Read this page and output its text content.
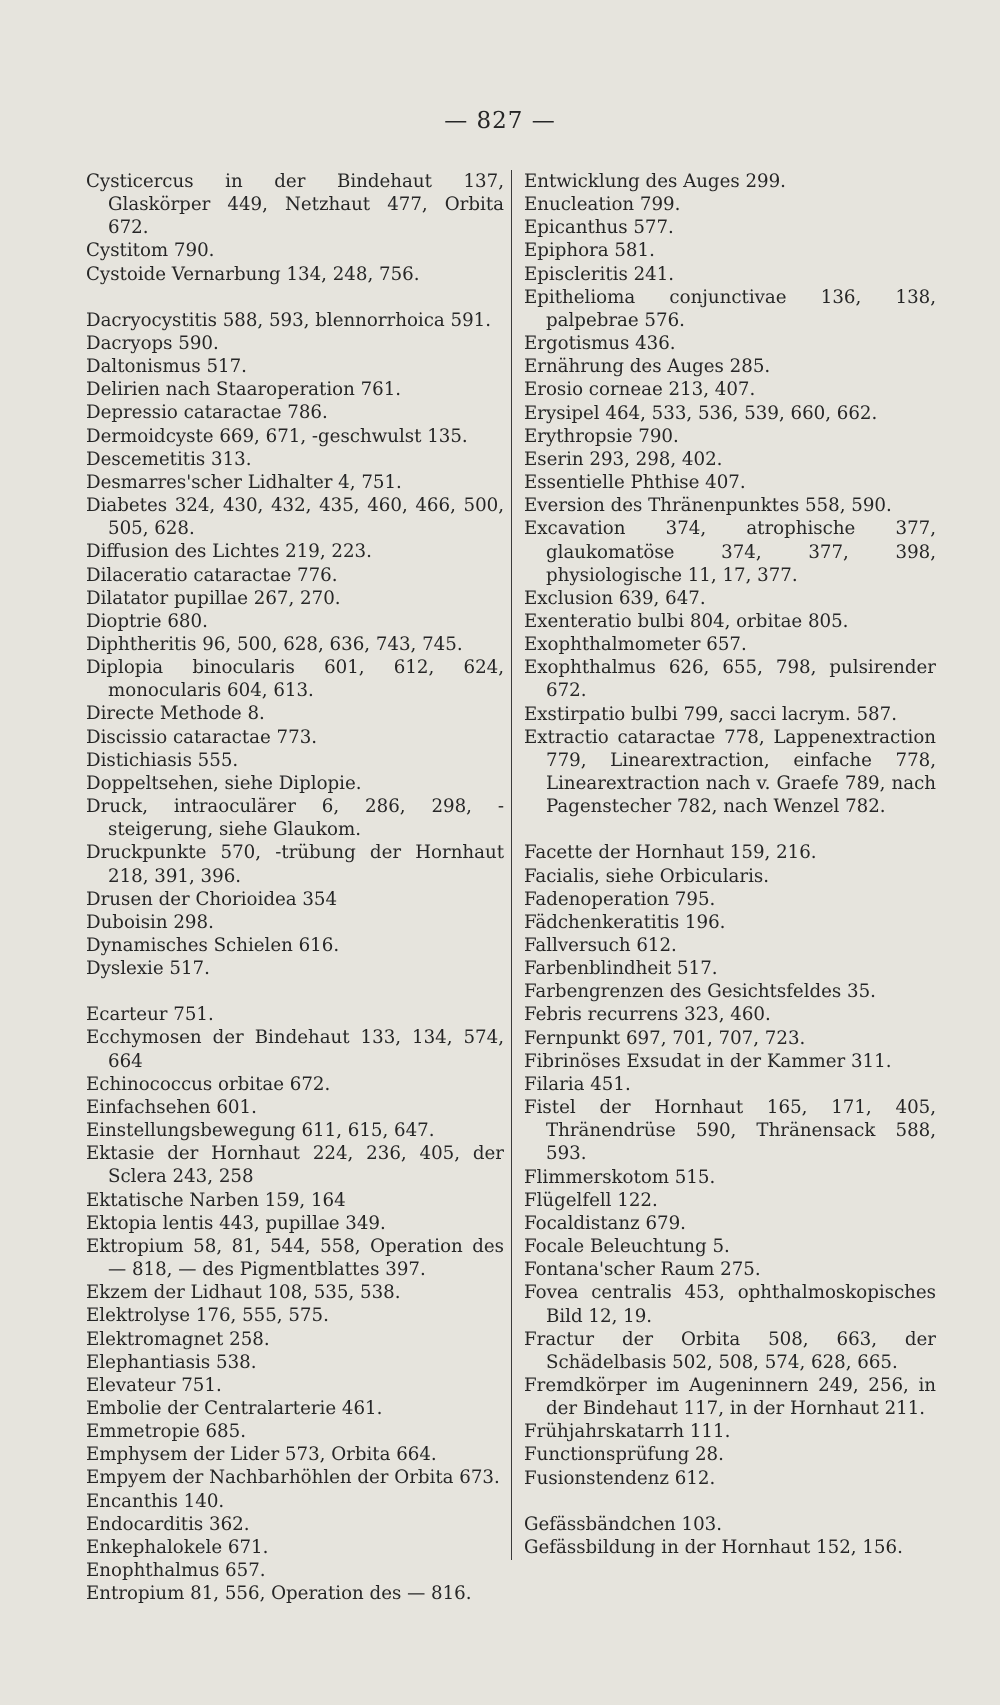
— 827 —
Cysticercus in der Bindehaut 137, Glaskörper 449, Netzhaut 477, Orbita 672.
Cystitom 790.
Cystoide Vernarbung 134, 248, 756.
Dacryocystitis 588, 593, blennorrhoica 591.
Dacryops 590.
Daltonismus 517.
Delirien nach Staaroperation 761.
Depressio cataractae 786.
Dermoidcyste 669, 671, -geschwulst 135.
Descemetitis 313.
Desmarres'scher Lidhalter 4, 751.
Diabetes 324, 430, 432, 435, 460, 466, 500, 505, 628.
Diffusion des Lichtes 219, 223.
Dilaceratio cataractae 776.
Dilatator pupillae 267, 270.
Dioptrie 680.
Diphtheritis 96, 500, 628, 636, 743, 745.
Diplopia binocularis 601, 612, 624, monocularis 604, 613.
Directe Methode 8.
Discissio cataractae 773.
Distichiasis 555.
Doppeltsehen, siehe Diplopie.
Druck, intraoculärer 6, 286, 298, -steigerung, siehe Glaukom.
Druckpunkte 570, -trübung der Hornhaut 218, 391, 396.
Drusen der Chorioidea 354
Duboisin 298.
Dynamisches Schielen 616.
Dyslexie 517.
Ecarteur 751.
Ecchymosen der Bindehaut 133, 134, 574, 664
Echinococcus orbitae 672.
Einfachsehen 601.
Einstellungsbewegung 611, 615, 647.
Ektasie der Hornhaut 224, 236, 405, der Sclera 243, 258
Ektatische Narben 159, 164
Ektopia lentis 443, pupillae 349.
Ektropium 58, 81, 544, 558, Operation des — 818, — des Pigmentblattes 397.
Ekzem der Lidhaut 108, 535, 538.
Elektrolyse 176, 555, 575.
Elektromagnet 258.
Elephantiasis 538.
Elevateur 751.
Embolie der Centralarterie 461.
Emmetropie 685.
Emphysem der Lider 573, Orbita 664.
Empyem der Nachbarhöhlen der Orbita 673.
Encanthis 140.
Endocarditis 362.
Enkephalokele 671.
Enophthalmus 657.
Entropium 81, 556, Operation des — 816.
Entwicklung des Auges 299.
Enucleation 799.
Epicanthus 577.
Epiphora 581.
Episcleritis 241.
Epithelioma conjunctivae 136, 138, palpebrae 576.
Ergotismus 436.
Ernährung des Auges 285.
Erosio corneae 213, 407.
Erysipel 464, 533, 536, 539, 660, 662.
Erythropsie 790.
Eserin 293, 298, 402.
Essentielle Phthise 407.
Eversion des Thränenpunktes 558, 590.
Excavation 374, atrophische 377, glaukomatöse 374, 377, 398, physiologische 11, 17, 377.
Exclusion 639, 647.
Exenteratio bulbi 804, orbitae 805.
Exophthalmometer 657.
Exophthalmus 626, 655, 798, pulsirender 672.
Exstirpatio bulbi 799, sacci lacrym. 587.
Extractio cataractae 778, Lappenextraction 779, Linearextraction, einfache 778, Linearextraction nach v. Graefe 789, nach Pagenstecher 782, nach Wenzel 782.
Facette der Hornhaut 159, 216.
Facialis, siehe Orbicularis.
Fadenoperation 795.
Fädchenkeratitis 196.
Fallversuch 612.
Farbenblindheit 517.
Farbengrenzen des Gesichtsfeldes 35.
Febris recurrens 323, 460.
Fernpunkt 697, 701, 707, 723.
Fibrinöses Exsudat in der Kammer 311.
Filaria 451.
Fistel der Hornhaut 165, 171, 405, Thränendrüse 590, Thränensack 588, 593.
Flimmerskotom 515.
Flügelfell 122.
Focaldistanz 679.
Focale Beleuchtung 5.
Fontana'scher Raum 275.
Fovea centralis 453, ophthalmoskopisches Bild 12, 19.
Fractur der Orbita 508, 663, der Schädelbasis 502, 508, 574, 628, 665.
Fremdkörper im Augeninnern 249, 256, in der Bindehaut 117, in der Hornhaut 211.
Frühjahrskatarrh 111.
Functionsprüfung 28.
Fusionstendenz 612.
Gefässbändchen 103.
Gefässbildung in der Hornhaut 152, 156.
